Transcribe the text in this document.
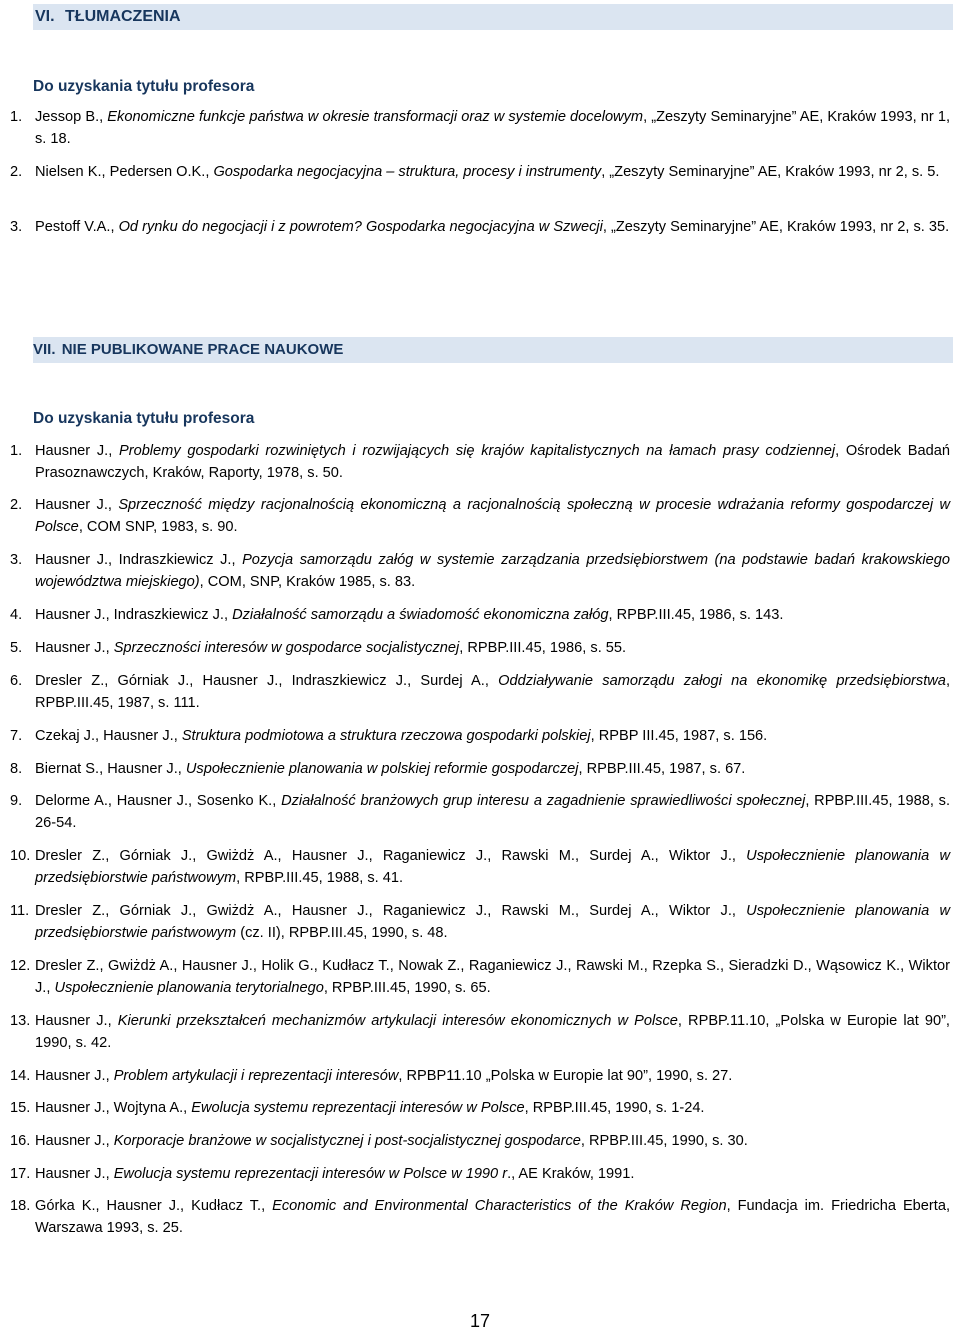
VI. TŁUMACZENIA
Do uzyskania tytułu profesora
1. Jessop B., Ekonomiczne funkcje państwa w okresie transformacji oraz w systemie docelowym, „Zeszyty Seminaryjne” AE, Kraków 1993, nr 1, s. 18.
2. Nielsen K., Pedersen O.K., Gospodarka negocjacyjna – struktura, procesy i instrumenty, „Zeszyty Seminaryjne” AE, Kraków 1993, nr 2, s. 5.
3. Pestoff V.A., Od rynku do negocjacji i z powrotem? Gospodarka negocjacyjna w Szwecji, „Zeszyty Seminaryjne” AE, Kraków 1993, nr 2, s. 35.
VII. NIE PUBLIKOWANE PRACE NAUKOWE
Do uzyskania tytułu profesora
1. Hausner J., Problemy gospodarki rozwiniętych i rozwijających się krajów kapitalistycznych na łamach prasy codziennej, Ośrodek Badań Prasoznawczych, Kraków, Raporty, 1978, s. 50.
2. Hausner J., Sprzeczność między racjonalnością ekonomiczną a racjonalnością społeczną w procesie wdrażania reformy gospodarczej w Polsce, COM SNP, 1983, s. 90.
3. Hausner J., Indraszkiewicz J., Pozycja samorządu załóg w systemie zarządzania przedsiębiorstwem (na podstawie badań krakowskiego województwa miejskiego), COM, SNP, Kraków 1985, s. 83.
4. Hausner J., Indraszkiewicz J., Działalność samorządu a świadomość ekonomiczna załóg, RPBP.III.45, 1986, s. 143.
5. Hausner J., Sprzeczności interesów w gospodarce socjalistycznej, RPBP.III.45, 1986, s. 55.
6. Dresler Z., Górniak J., Hausner J., Indraszkiewicz J., Surdej A., Oddziaływanie samorządu załogi na ekonomikę przedsiębiorstwa, RPBP.III.45, 1987, s. 111.
7. Czekaj J., Hausner J., Struktura podmiotowa a struktura rzeczowa gospodarki polskiej, RPBP III.45, 1987, s. 156.
8. Biernat S., Hausner J., Uspołecznienie planowania w polskiej reformie gospodarczej, RPBP.III.45, 1987, s. 67.
9. Delorme A., Hausner J., Sosenko K., Działalność branżowych grup interesu a zagadnienie sprawiedliwości społecznej, RPBP.III.45, 1988, s. 26-54.
10. Dresler Z., Górniak J., Gwiżdż A., Hausner J., Raganiewicz J., Rawski M., Surdej A., Wiktor J., Uspołecznienie planowania w przedsiębiorstwie państwowym, RPBP.III.45, 1988, s. 41.
11. Dresler Z., Górniak J., Gwiżdż A., Hausner J., Raganiewicz J., Rawski M., Surdej A., Wiktor J., Uspołecznienie planowania w przedsiębiorstwie państwowym (cz. II), RPBP.III.45, 1990, s. 48.
12. Dresler Z., Gwiżdż A., Hausner J., Holik G., Kudłacz T., Nowak Z., Raganiewicz J., Rawski M., Rzepka S., Sieradzki D., Wąsowicz K., Wiktor J., Uspołecznienie planowania terytorialnego, RPBP.III.45, 1990, s. 65.
13. Hausner J., Kierunki przekształceń mechanizmów artykulacji interesów ekonomicznych w Polsce, RPBP.11.10, „Polska w Europie lat 90”, 1990, s. 42.
14. Hausner J., Problem artykulacji i reprezentacji interesów, RPBP11.10 „Polska w Europie lat 90”, 1990, s. 27.
15. Hausner J., Wojtyna A., Ewolucja systemu reprezentacji interesów w Polsce, RPBP.III.45, 1990, s. 1-24.
16. Hausner J., Korporacje branżowe w socjalistycznej i post-socjalistycznej gospodarce, RPBP.III.45, 1990, s. 30.
17. Hausner J., Ewolucja systemu reprezentacji interesów w Polsce w 1990 r., AE Kraków, 1991.
18. Górka K., Hausner J., Kudłacz T., Economic and Environmental Characteristics of the Kraków Region, Fundacja im. Friedricha Eberta, Warszawa 1993, s. 25.
17
